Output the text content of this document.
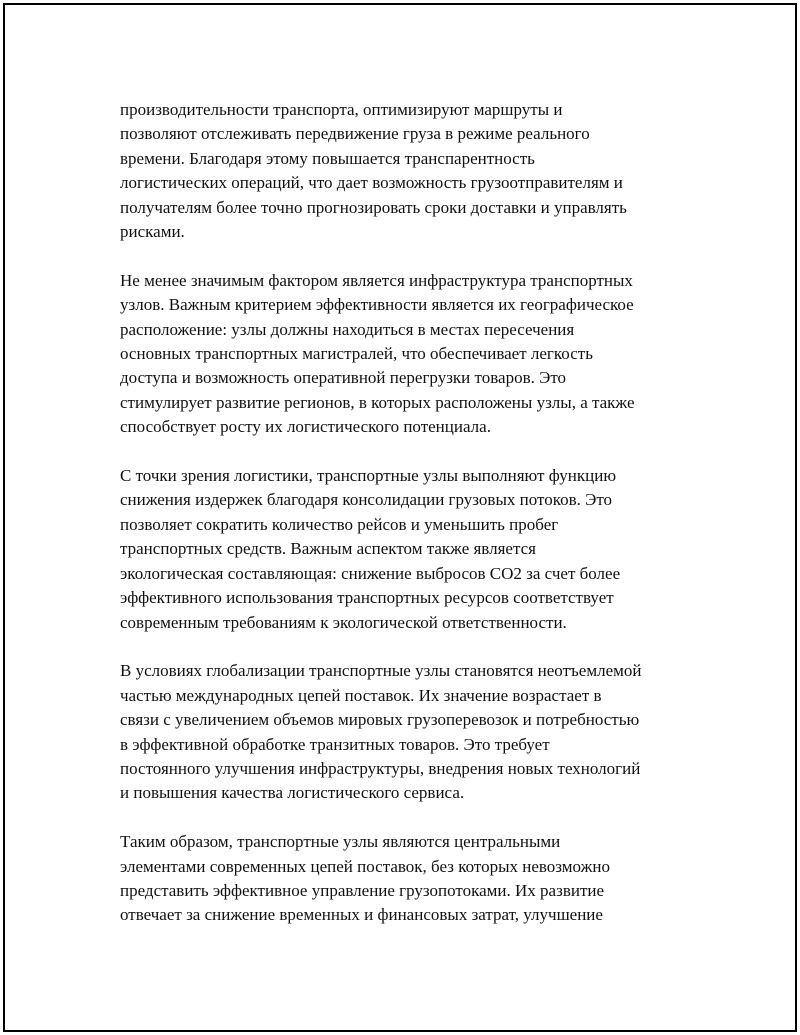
производительности транспорта, оптимизируют маршруты и
позволяют отслеживать передвижение груза в режиме реального
времени. Благодаря этому повышается транспарентность
логистических операций, что дает возможность грузоотправителям и
получателям более точно прогнозировать сроки доставки и управлять
рисками.

Не менее значимым фактором является инфраструктура транспортных
узлов. Важным критерием эффективности является их географическое
расположение: узлы должны находиться в местах пересечения
основных транспортных магистралей, что обеспечивает легкость
доступа и возможность оперативной перегрузки товаров. Это
стимулирует развитие регионов, в которых расположены узлы, а также
способствует росту их логистического потенциала.

С точки зрения логистики, транспортные узлы выполняют функцию
снижения издержек благодаря консолидации грузовых потоков. Это
позволяет сократить количество рейсов и уменьшить пробег
транспортных средств. Важным аспектом также является
экологическая составляющая: снижение выбросов CO2 за счет более
эффективного использования транспортных ресурсов соответствует
современным требованиям к экологической ответственности.

В условиях глобализации транспортные узлы становятся неотъемлемой
частью международных цепей поставок. Их значение возрастает в
связи с увеличением объемов мировых грузоперевозок и потребностью
в эффективной обработке транзитных товаров. Это требует
постоянного улучшения инфраструктуры, внедрения новых технологий
и повышения качества логистического сервиса.

Таким образом, транспортные узлы являются центральными
элементами современных цепей поставок, без которых невозможно
представить эффективное управление грузопотоками. Их развитие
отвечает за снижение временных и финансовых затрат, улучшение
